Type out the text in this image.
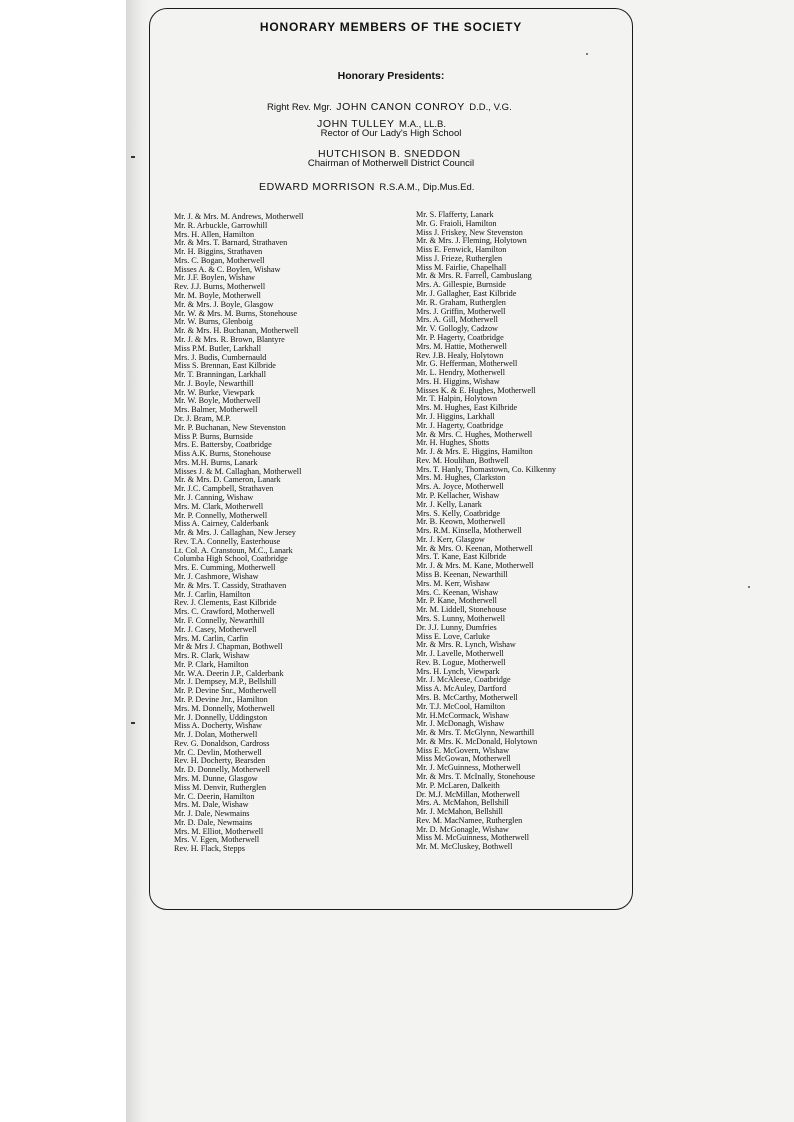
HONORARY MEMBERS OF THE SOCIETY
Honorary Presidents:
Right Rev. Mgr. JOHN CANON CONROY D.D., V.G.
JOHN TULLEY M.A., LL.B.
Rector of Our Lady's High School
HUTCHISON B. SNEDDON
Chairman of Motherwell District Council
EDWARD MORRISON R.S.A.M., Dip.Mus.Ed.
Mr. J. & Mrs. M. Andrews, Motherwell
Mr. R. Arbuckle, Garrowhill
Mrs. H. Allen, Hamilton
Mr. & Mrs. T. Barnard, Strathaven
Mr. H. Biggins, Strathaven
Mrs. C. Bogan, Motherwell
Misses A. & C. Boylen, Wishaw
Mr. J.F. Boylen, Wishaw
Rev. J.J. Burns, Motherwell
Mr. M. Boyle, Motherwell
Mr. & Mrs. J. Boyle, Glasgow
Mr. W. & Mrs. M. Burns, Stonehouse
Mr. W. Burns, Glenboig
Mr. & Mrs. H. Buchanan, Motherwell
Mr. J. & Mrs. R. Brown, Blantyre
Miss P.M. Butler, Larkhall
Mrs. J. Budis, Cumbernauld
Miss S. Brennan, East Kilbride
Mr. T. Branningan, Larkhall
Mr. J. Boyle, Newarthill
Mr. W. Burke, Viewpark
Mr. W. Boyle, Motherwell
Mrs. Balmer, Motherwell
Dr. J. Bram, M.P.
Mr. P. Buchanan, New Stevenston
Miss P. Burns, Burnside
Mrs. E. Battersby, Coatbridge
Miss A.K. Burns, Stonehouse
Mrs. M.H. Burns, Lanark
Misses J. & M. Callaghan, Motherwell
Mr. & Mrs. D. Cameron, Lanark
Mr. J.C. Campbell, Strathaven
Mr. J. Canning, Wishaw
Mrs. M. Clark, Motherwell
Mr. P. Connelly, Motherwell
Miss A. Cairney, Calderbank
Mr. & Mrs. J. Callaghan, New Jersey
Rev. T.A. Connelly, Easterhouse
Lt. Col. A. Cranstoun, M.C., Lanark
Columba High School, Coatbridge
Mrs. E. Cumming, Motherwell
Mr. J. Cashmore, Wishaw
Mr. & Mrs. T. Cassidy, Strathaven
Mr. J. Carlin, Hamilton
Rev. J. Clements, East Kilbride
Mrs. C. Crawford, Motherwell
Mr. F. Connelly, Newarthill
Mr. J. Casey, Motherwell
Mrs. M. Carlin, Carfin
Mr & Mrs J. Chapman, Bothwell
Mrs. R. Clark, Wishaw
Mr. P. Clark, Hamilton
Mr. W.A. Deerin J.P., Calderbank
Mr. J. Dempsey, M.P., Bellshill
Mr. P. Devine Snr., Motherwell
Mr. P. Devine Jnr., Hamilton
Mrs. M. Donnelly, Motherwell
Mr. J. Donnelly, Uddingston
Miss A. Docherty, Wishaw
Mr. J. Dolan, Motherwell
Rev. G. Donaldson, Cardross
Mr. C. Devlin, Motherwell
Rev. H. Docherty, Bearsden
Mr. D. Donnelly, Motherwell
Mrs. M. Dunne, Glasgow
Miss M. Denvir, Rutherglen
Mr. C. Deerin, Hamilton
Mrs. M. Dale, Wishaw
Mr. J. Dale, Newmains
Mr. D. Dale, Newmains
Mrs. M. Elliot, Motherwell
Mrs. V. Egen, Motherwell
Rev. H. Flack, Stepps
Mr. S. Flafferty, Lanark
Mr. G. Fraioli, Hamilton
Miss J. Friskey, New Stevenston
Mr. & Mrs. J. Fleming, Holytown
Miss E. Fenwick, Hamilton
Miss J. Frieze, Rutherglen
Miss M. Fairlie, Chapelhall
Mr. & Mrs. R. Farrell, Cambuslang
Mrs. A. Gillespie, Burnside
Mr. J. Gallagher, East Kilbride
Mr. R. Graham, Rutherglen
Mrs. J. Griffin, Motherwell
Mrs. A. Gill, Motherwell
Mr. V. Gollogly, Cadzow
Mr. P. Hagerty, Coatbridge
Mrs. M. Hattie, Motherwell
Rev. J.B. Healy, Holytown
Mr. G. Hefferman, Motherwell
Mr. L. Hendry, Motherwell
Mrs. H. Higgins, Wishaw
Misses K. & E. Hughes, Motherwell
Mr. T. Halpin, Holytown
Mrs. M. Hughes, East Kilbride
Mr. J. Higgins, Larkhall
Mr. J. Hagerty, Coatbridge
Mr. & Mrs. C. Hughes, Motherwell
Mr. H. Hughes, Shotts
Mr. J. & Mrs. E. Higgins, Hamilton
Rev. M. Houlihan, Bothwell
Mrs. T. Hanly, Thomastown, Co. Kilkenny
Mrs. M. Hughes, Clarkston
Mrs. A. Joyce, Motherwell
Mr. P. Kellacher, Wishaw
Mr. J. Kelly, Lanark
Mrs. S. Kelly, Coatbridge
Mr. B. Keown, Motherwell
Mrs. R.M. Kinsella, Motherwell
Mr. J. Kerr, Glasgow
Mr. & Mrs. O. Keenan, Motherwell
Mrs. T. Kane, East Kilbride
Mr. J. & Mrs. M. Kane, Motherwell
Miss B. Keenan, Newarthill
Mrs. M. Kerr, Wishaw
Mrs. C. Keenan, Wishaw
Mr. P. Kane, Motherwell
Mr. M. Liddell, Stonehouse
Mrs. S. Lunny, Motherwell
Dr. J.J. Lunny, Dumfries
Miss E. Love, Carluke
Mr. & Mrs. R. Lynch, Wishaw
Mr. J. Lavelle, Motherwell
Rev. B. Logue, Motherwell
Mrs. H. Lynch, Viewpark
Mr. J. McAleese, Coatbridge
Miss A. McAuley, Dartford
Mrs. B. McCarthy, Motherwell
Mr. T.J. McCool, Hamilton
Mr. H.McCormack, Wishaw
Mr. J. McDonagh, Wishaw
Mr. & Mrs. T. McGlynn, Newarthill
Mr. & Mrs. K. McDonald, Holytown
Miss E. McGovern, Wishaw
Miss McGowan, Motherwell
Mr. J. McGuinness, Motherwell
Mr. & Mrs. T. McInally, Stonehouse
Mr. P. McLaren, Dalkeith
Dr. M.J. McMillan, Motherwell
Mrs. A. McMahon, Bellshill
Mr. J. McMahon, Bellshill
Rev. M. MacNamee, Rutherglen
Mr. D. McGonagle, Wishaw
Miss M. McGuinness, Motherwell
Mr. M. McCluskey, Bothwell
